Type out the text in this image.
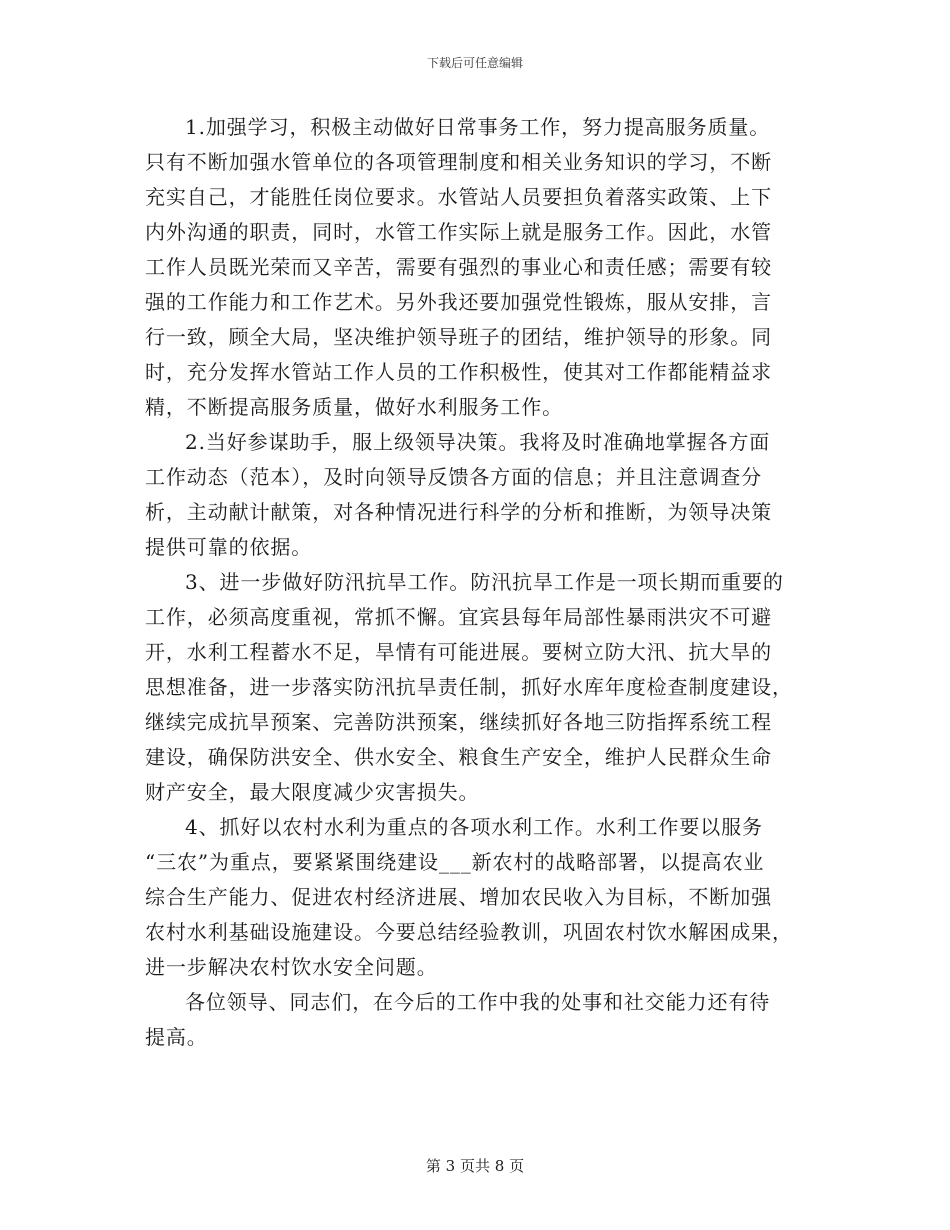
下载后可任意编辑
1.加强学习，积极主动做好日常事务工作，努力提高服务质量。
只有不断加强水管单位的各项管理制度和相关业务知识的学习，不断
充实自己，才能胜任岗位要求。水管站人员要担负着落实政策、上下
内外沟通的职责，同时，水管工作实际上就是服务工作。因此，水管
工作人员既光荣而又辛苦，需要有强烈的事业心和责任感；需要有较
强的工作能力和工作艺术。另外我还要加强党性锻炼，服从安排，言
行一致，顾全大局，坚决维护领导班子的团结，维护领导的形象。同
时，充分发挥水管站工作人员的工作积极性，使其对工作都能精益求
精，不断提高服务质量，做好水利服务工作。
2.当好参谋助手，服上级领导决策。我将及时准确地掌握各方面
工作动态（范本），及时向领导反馈各方面的信息；并且注意调查分
析，主动献计献策，对各种情况进行科学的分析和推断，为领导决策
提供可靠的依据。
3、进一步做好防汛抗旱工作。防汛抗旱工作是一项长期而重要的
工作，必须高度重视，常抓不懈。宜宾县每年局部性暴雨洪灾不可避
开，水利工程蓄水不足，旱情有可能进展。要树立防大汛、抗大旱的
思想准备，进一步落实防汛抗旱责任制，抓好水库年度检查制度建设，
继续完成抗旱预案、完善防洪预案，继续抓好各地三防指挥系统工程
建设，确保防洪安全、供水安全、粮食生产安全，维护人民群众生命
财产安全，最大限度减少灾害损失。
4、抓好以农村水利为重点的各项水利工作。水利工作要以服务
“三农”为重点，要紧紧围绕建设___新农村的战略部署，以提高农业
综合生产能力、促进农村经济进展、增加农民收入为目标，不断加强
农村水利基础设施建设。今要总结经验教训，巩固农村饮水解困成果，
进一步解决农村饮水安全问题。
各位领导、同志们，在今后的工作中我的处事和社交能力还有待
提高。
第 3 页共 8 页
